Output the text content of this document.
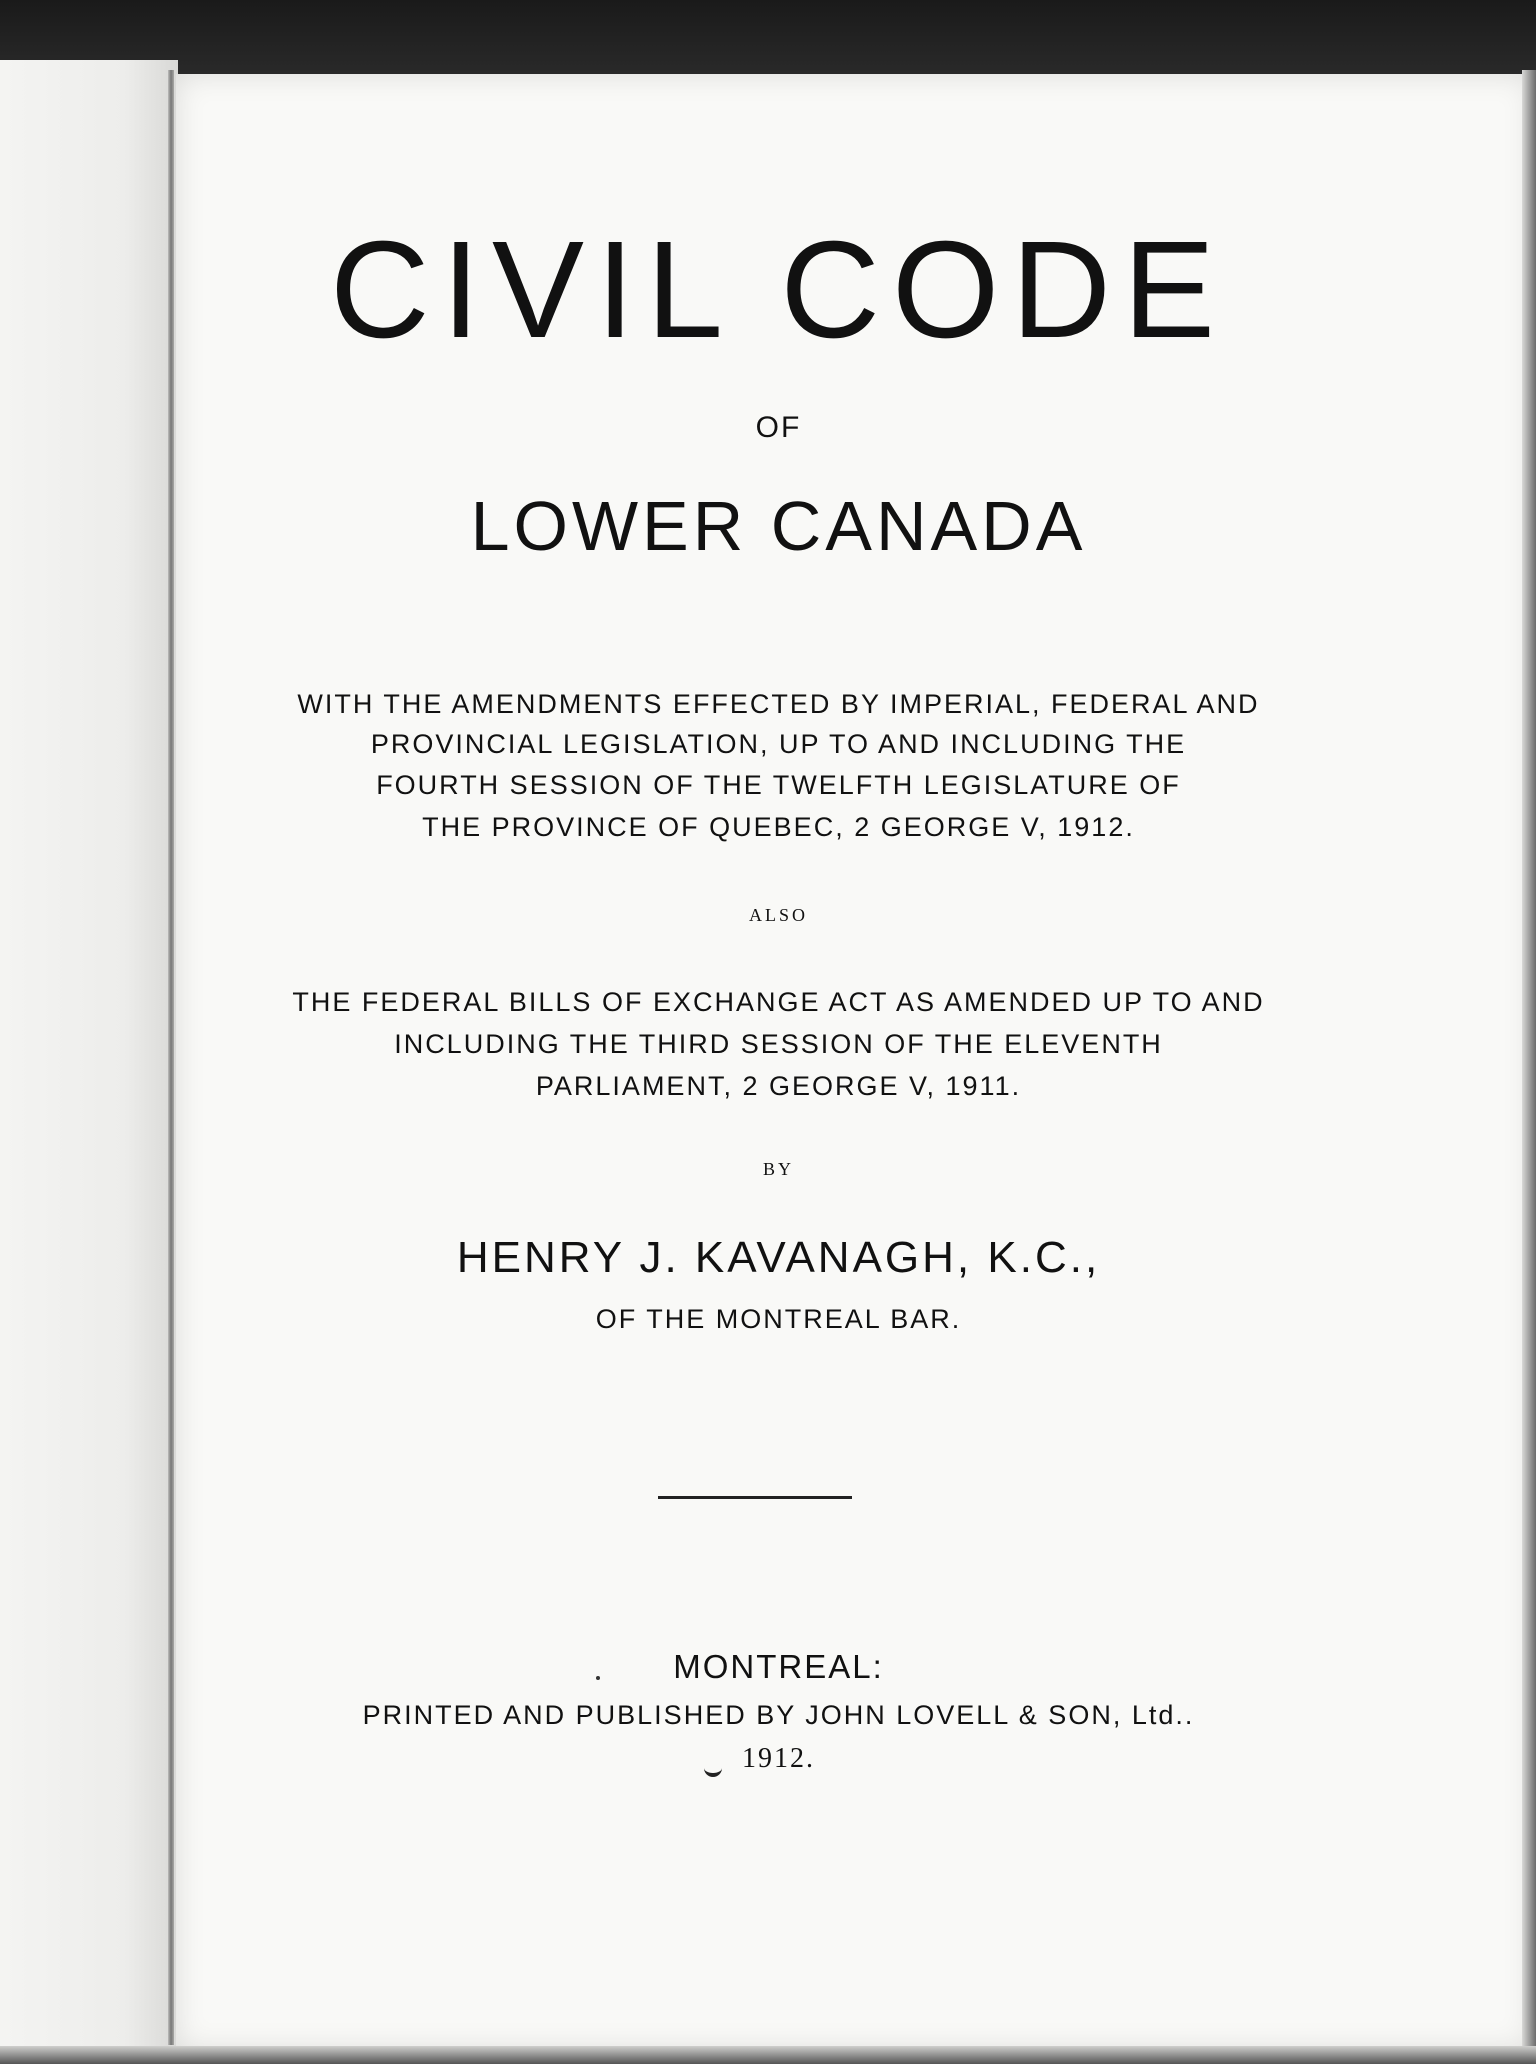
CIVIL CODE
OF
LOWER CANADA
WITH THE AMENDMENTS EFFECTED BY IMPERIAL, FEDERAL AND
PROVINCIAL LEGISLATION, UP TO AND INCLUDING THE
FOURTH SESSION OF THE TWELFTH LEGISLATURE OF
THE PROVINCE OF QUEBEC, 2 GEORGE V, 1912.
ALSO
THE FEDERAL BILLS OF EXCHANGE ACT AS AMENDED UP TO AND
INCLUDING THE THIRD SESSION OF THE ELEVENTH
PARLIAMENT, 2 GEORGE V, 1911.
BY
HENRY J. KAVANAGH, K.C.,
OF THE MONTREAL BAR.
MONTREAL:
PRINTED AND PUBLISHED BY JOHN LOVELL & SON, Ltd..
1912.
